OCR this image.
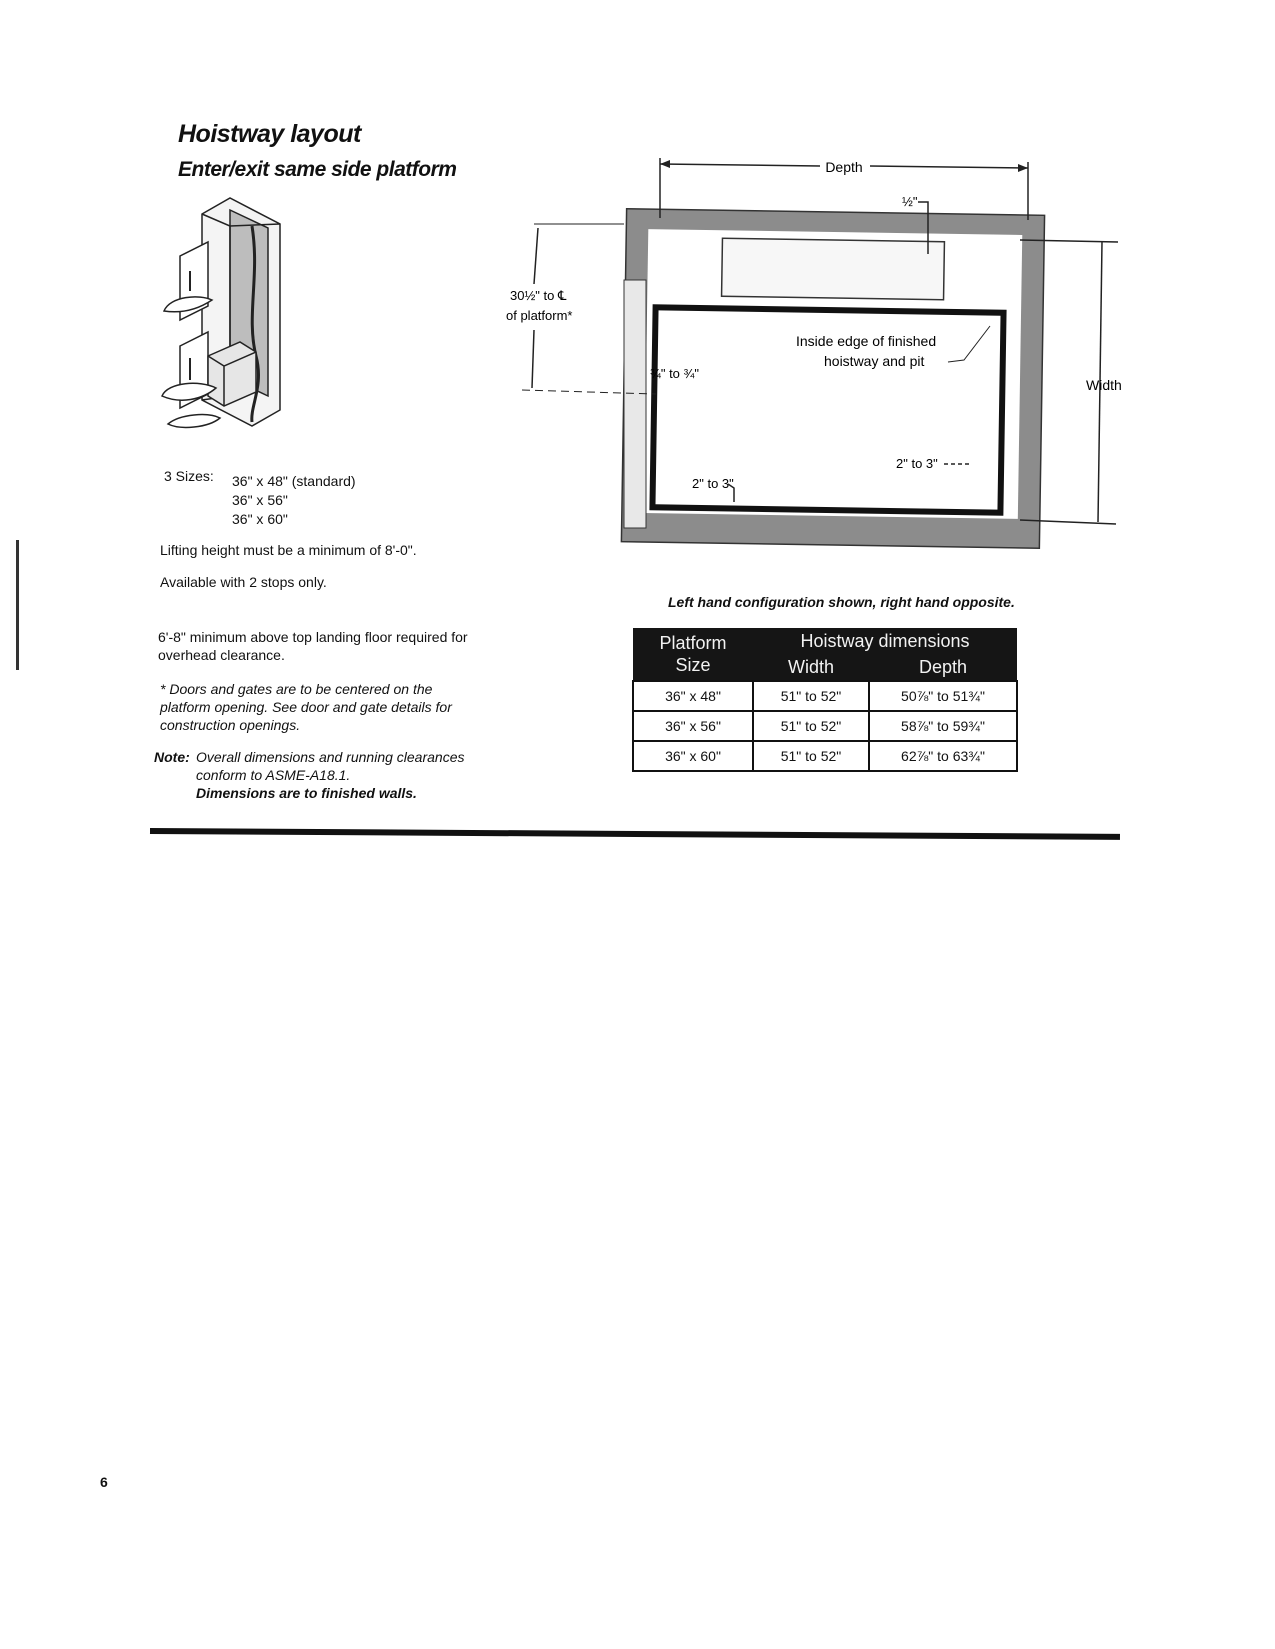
Hoistway layout
Enter/exit same side platform
3 Sizes: 36" x 48" (standard)
36" x 56"
36" x 60"
Lifting height must be a minimum of 8'-0".
Available with 2 stops only.
6'-8" minimum above top landing floor required for overhead clearance.
* Doors and gates are to be centered on the platform opening. See door and gate details for construction openings.
Note: Overall dimensions and running clearances conform to ASME-A18.1.
Dimensions are to finished walls.
Depth
½"
Width
30½" to ℄
of platform*
¾" to ¾"
Inside edge of finished
hoistway and pit
2" to 3"
2" to 3"
Left hand configuration shown, right hand opposite.
Platform
Size	Hoistway dimensions	
	Width	Depth
36" x 48"	51" to 52"	50⅞" to 51¾"
36" x 56"	51" to 52"	58⅞" to 59¾"
36" x 60"	51" to 52"	62⅞" to 63¾"
6
